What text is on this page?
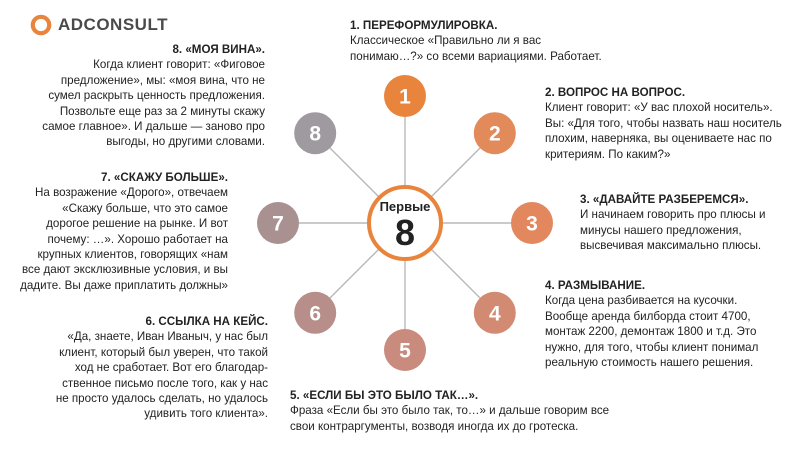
ADCONSULT
1
2
3
4
5
6
7
8
Первые
8
1. ПЕРЕФОРМУЛИРОВКА.
Классическое «Правильно ли я вас
понимаю…?» со всеми вариациями. Работает.
2. ВОПРОС НА ВОПРОС.
Клиент говорит: «У вас плохой носитель».
Вы: «Для того, чтобы назвать наш носитель
плохим, наверняка, вы оцениваете нас по
критериям. По каким?»
3. «ДАВАЙТЕ РАЗБЕРЕМСЯ».
И начинаем говорить про плюсы и
минусы нашего предложения,
высвечивая максимально плюсы.
4. РАЗМЫВАНИЕ.
Когда цена разбивается на кусочки.
Вообще аренда билборда стоит 4700,
монтаж 2200, демонтаж 1800 и т.д. Это
нужно, для того, чтобы клиент понимал
реальную стоимость нашего решения.
5. «ЕСЛИ БЫ ЭТО БЫЛО ТАК…».
Фраза «Если бы это было так, то…» и дальше говорим все
свои контраргументы, возводя иногда их до гротеска.
6. ССЫЛКА НА КЕЙС.
«Да, знаете, Иван Иваныч, у нас был
клиент, который был уверен, что такой
ход не сработает. Вот его благодар-
ственное письмо после того, как у нас
не просто удалось сделать, но удалось
удивить того клиента».
7. «СКАЖУ БОЛЬШЕ».
На возражение «Дорого», отвечаем
«Скажу больше, что это самое
дорогое решение на рынке. И вот
почему: …». Хорошо работает на
крупных клиентов, говорящих «нам
все дают эксклюзивные условия, и вы
дадите. Вы даже приплатить должны»
8. «МОЯ ВИНА».
Когда клиент говорит: «Фиговое
предложение», мы: «моя вина, что не
сумел раскрыть ценность предложения.
Позвольте еще раз за 2 минуты скажу
самое главное». И дальше — заново про
выгоды, но другими словами.
